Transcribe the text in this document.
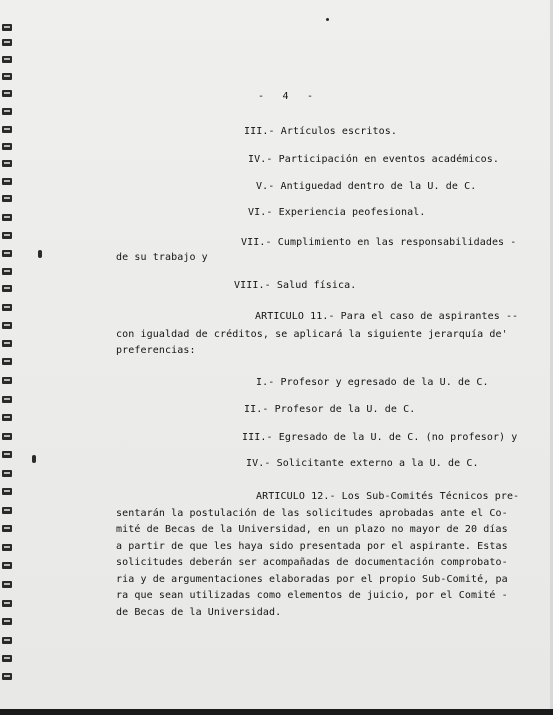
-   4   -
III.- Artículos escritos.
IV.- Participación en eventos académicos.
V.- Antiguedad dentro de la U. de C.
VI.- Experiencia peofesional.
VII.- Cumplimiento en las responsabilidades -
de su trabajo y
VIII.- Salud física.
ARTICULO 11.- Para el caso de aspirantes --
con igualdad de créditos, se aplicará la siguiente jerarquía de'
preferencias:
I.- Profesor y egresado de la U. de C.
II.- Profesor de la U. de C.
III.- Egresado de la U. de C. (no profesor) y
IV.- Solicitante externo a la U. de C.
ARTICULO 12.- Los Sub-Comités Técnicos pre-
sentarán la postulación de las solicitudes aprobadas ante el Co-
mité de Becas de la Universidad, en un plazo no mayor de 20 días
a partir de que les haya sido presentada por el aspirante. Estas
solicitudes deberán ser acompañadas de documentación comprobato-
ria y de argumentaciones elaboradas por el propio Sub-Comité, pa
ra que sean utilizadas como elementos de juicio, por el Comité -
de Becas de la Universidad.
